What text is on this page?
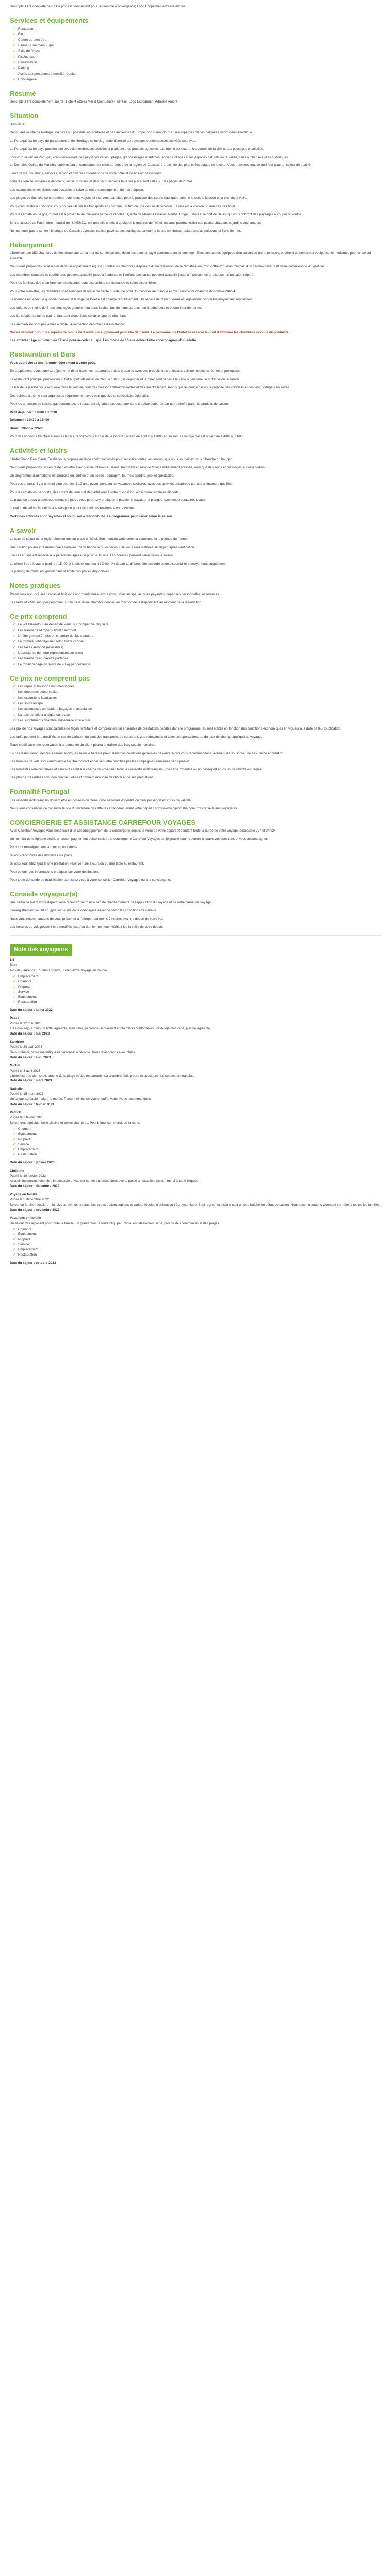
Descriptif à lire complètement ! Ce prix est comprenant pour l'ensemble (convergence) Logo Ecopalmen Adresse Ambre

Services et équipements
✓ Restaurant
✓ Bar
✓ Centre de bien-être
✓ Sauna - Hammam - Spa
✓ Salle de fitness
✓ Piscine ext.
✓ Climatisation
✓ Parking
✓ Accès aux personnes à mobilité réduite
✓ Conciergerie
Résumé

Descriptif à lire complètement, merci ; Hôtel 4 étoiles Mer & Golf Sainte-Thérèse, Logo Ecopalmen, Adresse Ambre

Situation

Bien situé :

Découvrez la ville de Portugal, un pays qui possède les frontières et des anciennes d'Europe, son climat doux et ses superbes plages baignées par l'Océan Atlantique.

Le Portugal est un pays de passionnés entre l'héritage culturel, grande diversité de paysages et nombreuses activités sportives.

Le Portugal est un pays passionnant avec de nombreuses activités à pratiquer : les produits agricoles, patrimoine de lecture, les bornes de la ville et ses paysages ensoleillés.

Lors d'un séjour au Portugal, vous découvrirez des paysages variés : plages, grands rivages maritimes, anciens villages et les espaces naturels de la vallée, sans oublier ses villes historiques.

Le Domaine Quinta da Marinha, entre océan et campagne, est situé au centre de la région de Cascais, à proximité des plus belles plages de la côte. Vous trouverez tout ce qu'il faut pour un séjour de qualité.

Lieux de vie, situations, services, région et diverses informations de votre hôtel et de nos ambassadeurs.

Tous les lieux touristiques à découvrir, les lieux locaux et des découvertes à faire sur place sont listés sur les pages de l'hôtel.

Les excursions et les visites sont possibles à l'aide de notre conciergerie et de notre équipe.

Les plages de Guincho sont réputées pour leurs vagues et leur vent, parfaites pour la pratique des sports nautiques comme le surf, le kitesurf et la planche à voile.

Pour vous rendre à Lisbonne, vous pouvez utiliser les transports en commun, un taxi ou une voiture de location. La ville est à environ 30 minutes de l'hôtel.

Pour les amateurs de golf, l'hôtel est à proximité de plusieurs parcours réputés : Quinta da Marinha Oitavos, Penha Longa, Estoril et le golf de Belas, qui vous offriront des paysages à couper le souffle.

Sintra, classée au Patrimoine mondial de l'UNESCO, est une ville située à quelques kilomètres de l'hôtel, où vous pourrez visiter ses palais, châteaux et jardins enchanteurs.

Ne manquez pas le centre historique de Cascais, avec ses ruelles pavées, ses boutiques, sa marina et ses nombreux restaurants de poissons et fruits de mer.

Hébergement

L'hôtel compte 152 chambres dotées d'une vue sur la mer ou sur les jardins, décorées dans un style contemporain et lumineux. Elles sont toutes équipées d'un balcon ou d'une terrasse, et offrent de nombreux équipements modernes pour un séjour agréable.

Nous vous proposons de réserver dans un appartement équipé ; Toutes les chambres disposent d'une télévision, de la climatisation, d'un coffre-fort, d'un minibar, d'un sèche-cheveux et d'une connexion Wi-Fi gratuite.

Les chambres standard et supérieures peuvent accueillir jusqu'à 2 adultes et 1 enfant. Les suites peuvent accueillir jusqu'à 4 personnes et disposent d'un salon séparé.

Pour les familles, des chambres communicantes sont disponibles sur demande et selon disponibilité.

Pour votre bien-être, les chambres sont équipées de literie de haute qualité, de produits d'accueil de marque et d'un service de chambre disponible 24h/24.

Le ménage est effectué quotidiennement et le linge de toilette est changé régulièrement. Un service de blanchisserie est également disponible moyennant supplément.

Les enfants de moins de 2 ans sont logés gratuitement dans la chambre de leurs parents ; un lit bébé peut être fourni sur demande.

Les lits supplémentaires pour enfant sont disponibles selon le type de chambre.

Les animaux ne sont pas admis à l'hôtel, à l'exception des chiens d'assistance.

*Merci de noter : pour les séjours de moins de 3 nuits, un supplément peut être demandé. Le personnel de l'hôtel se réserve le droit d'attribuer les chambres selon la disponibilité.

Les enfants : âge minimum de 12 ans pour accéder au spa. Les moins de 16 ans doivent être accompagnés d'un adulte.

Restauration et Bars

Vous apprécierez une formule légèrement à votre goût.

En supplément, vous pourrez déjeuner et dîner dans nos restaurants ; plats préparés avec des produits frais et locaux, cuisine méditerranéenne et portugaise.

Le restaurant principal propose un buffet au petit-déjeuner de 7h00 à 10h30 ; le déjeuner et le dîner sont servis à la carte ou en formule buffet selon la saison.

Le bar de la piscine vous accueille dans la journée pour des boissons rafraîchissantes et des snacks légers, tandis que le lounge bar vous propose des cocktails et des vins portugais en soirée.

Des soirées à thème sont organisées régulièrement avec musique live et spécialités régionales.

Pour les amateurs de cuisine gastronomique, le restaurant signature propose une carte créative élaborée par notre chef à partir de produits de saison.

Petit déjeuner : 07h00 à 10h30

Déjeuner : 12h30 à 15h00

Dîner : 19h00 à 22h30

Pour des boissons fraîches et en-cas légers, rendez-vous au bar de la piscine ; ouvert de 10h00 à 19h00 en saison. Le lounge bar est ouvert de 17h00 à 00h00.

Activités et loisirs

L'hôtel Grand Real Santa Eulalia vous propose un large choix d'activités pour satisfaire toutes vos envies, que vous souhaitiez vous détendre ou bouger.

Nous vous proposons un centre de bien-être avec piscine intérieure, sauna, hammam et salle de fitness entièrement équipée, ainsi que des soins et massages sur réservation.

Un programme d'animations est proposé en journée et en soirée : aquagym, tournois sportifs, jeux et spectacles.

Pour vos enfants, il y a un mini-club pour les 4-12 ans, ouvert pendant les vacances scolaires, avec des activités encadrées par des animateurs qualifiés.

Pour les amateurs de sports, des courts de tennis et de padel sont à votre disposition, ainsi qu'un terrain multisports.

La plage se trouve à quelques minutes à pied : vous pourrez y pratiquer le paddle, le kayak et la plongée avec des prestataires locaux.

Location de vélos disponible à la réception pour découvrir les environs à votre rythme.

Certaines activités sont payantes et soumises à disponibilité. Le programme peut varier selon la saison.

A savoir

La taxe de séjour est à régler directement sur place à l'hôtel. Son montant varie selon la commune et la période de l'année.

Une caution pourra être demandée à l'arrivée : carte bancaire ou espèces. Elle vous sera restituée au départ après vérification.

L'accès au spa est réservé aux personnes âgées de plus de 16 ans. Les horaires peuvent varier selon la saison.

Le check-in s'effectue à partir de 15h00 et le check-out avant 12h00. Un départ tardif peut être accordé selon disponibilité et moyennant supplément.

Le parking de l'hôtel est gratuit dans la limite des places disponibles.

Notes pratiques

Prestations non incluses : repas et boissons non mentionnés, excursions, soins au spa, activités payantes, dépenses personnelles, assurances.

Les tarifs affichés sont par personne, sur la base d'une chambre double, en fonction de la disponibilité au moment de la réservation.

Ce prix comprend
✓ Le vol aller/retour au départ de Paris, sur compagnie régulière
✓ Les transferts aéroport / hôtel / aéroport
✓ L'hébergement 7 nuits en chambre double standard
✓ La formule petit-déjeuner selon l'offre choisie
✓ Les taxes aéroport (révisables)
✓ L'assistance de notre représentant sur place
✓ Les transferts en navette partagée
✓ Le forfait bagage en soute de 20 kg par personne
Ce prix ne comprend pas
✓ Les repas et boissons non mentionnés
✓ Les dépenses personnelles
✓ Les excursions facultatives
✓ Les soins au spa
✓ Les assurances annulation, bagages et assistance
✓ La taxe de séjour à régler sur place
✓ Les suppléments chambre individuelle et vue mer

Les prix de nos voyages sont calculés de façon forfaitaire et comprennent un ensemble de prestations décrites dans le programme. Ils sont établis en fonction des conditions économiques en vigueur à la date de leur publication.

Les tarifs peuvent être modifiés en cas de variation du coût des transports, du carburant, des redevances et taxes aéroportuaires, ou du taux de change appliqué au voyage.

Toute modification de réservation à la demande du client pourra entraîner des frais supplémentaires.

En cas d'annulation, des frais seront appliqués selon le barème prévu dans nos conditions générales de vente. Nous vous recommandons vivement de souscrire une assurance annulation.

Les horaires de vols sont communiqués à titre indicatif et peuvent être modifiés par les compagnies aériennes sans préavis.

Les formalités administratives et sanitaires sont à la charge du voyageur. Pour les ressortissants français, une carte d'identité ou un passeport en cours de validité est requis.

Les photos présentées sont non contractuelles et donnent une idée de l'hôtel et de ses prestations.

Formalité Portugal

Les ressortissants français doivent être en possession d'une carte nationale d'identité ou d'un passeport en cours de validité.

Nous vous conseillons de consulter le site du ministère des Affaires étrangères avant votre départ : https://www.diplomatie.gouv.fr/fr/conseils-aux-voyageurs

CONCIERGERIE ET ASSISTANCE CARREFOUR VOYAGES

Avec Carrefour Voyages vous bénéficiez d'un accompagnement de la conciergerie depuis la veille de votre départ et pendant toute la durée de votre voyage, accessible 7j/7 et 24h/24.

Un numéro de téléphone dédié, un accompagnement personnalisé : la conciergerie Carrefour Voyages est joignable pour répondre à toutes vos questions et vous accompagner.

Pour tout renseignement sur votre programme.

Si vous rencontrez des difficultés sur place.

Si vous souhaitez ajouter une prestation, réserver une excursion ou une table au restaurant.

Pour obtenir des informations pratiques sur votre destination.

Pour toute demande de modification, adressez-vous à votre conseiller Carrefour Voyages ou à la conciergerie.

Conseils voyageur(s)

Une semaine avant votre départ, vous recevrez par mail le lien de téléchargement de l'application du voyage et de votre carnet de voyage.

L'enregistrement se fait en ligne sur le site de la compagnie aérienne selon les conditions de celle-ci.

Nous vous recommandons de vous présenter à l'aéroport au moins 2 heures avant le départ de votre vol.

Les horaires de vols peuvent être modifiés jusqu'au dernier moment ; vérifiez-les la veille de votre départ.

Note des voyageurs
5/5
Bien
Avis de Laurence : 7 jours / 6 nuits, Juillet 2023, Voyage en couple
✓ Emplacement
✓ Chambre
✓ Propreté
✓ Service
✓ Équipements
✓ Restauration
Date du séjour : juillet 2023
Pascal
Publié le 12 mai 2023
Très bon séjour dans un hôtel agréable, bien situé, personnel accueillant et chambres confortables. Petit-déjeuner varié, piscine agréable.
Date du séjour : mai 2023
Sandrine
Publié le 20 avril 2023
Séjour réussi, cadre magnifique et personnel à l'écoute. Nous reviendrons avec plaisir.
Date du séjour : avril 2023
Michel
Publié le 3 avril 2023
L'hôtel est très bien situé, proche de la plage et des restaurants. La chambre était propre et spacieuse. Le spa est un vrai plus.
Date du séjour : mars 2023
Nathalie
Publié le 15 mars 2023
Un séjour agréable malgré la météo. Personnel très serviable, buffet varié. Nous recommandons.
Date du séjour : février 2023
Patrick
Publié le 2 février 2023
Séjour très agréable, belle piscine et belles chambres. Petit bémol sur le bruit de la route.
✓ Chambre
✓ Équipements
✓ Propreté
✓ Service
✓ Emplacement
✓ Restauration
Date du séjour : janvier 2023
Christine
Publié le 10 janvier 2023
Accueil chaleureux, chambre impeccable et vue sur la mer superbe. Nous avons passé un excellent séjour, merci à toute l'équipe.
Date du séjour : décembre 2022
Voyage en famille
Publié le 5 décembre 2022
Séjour en famille réussi, le mini-club a ravi nos enfants. Les repas étaient copieux et variés, l'équipe d'animation très dynamique. Seul regret : la piscine était un peu fraîche en début de saison. Nous recommandons vivement cet hôtel à toutes les familles.
Date du séjour : novembre 2022
Vacances en famille
Un séjour très reposant pour toute la famille, un grand merci à toute l'équipe. L'hôtel est idéalement situé, proche des commerces et des plages.
✓ Chambre
✓ Équipements
✓ Propreté
✓ Service
✓ Emplacement
✓ Restauration
Date du séjour : octobre 2022
